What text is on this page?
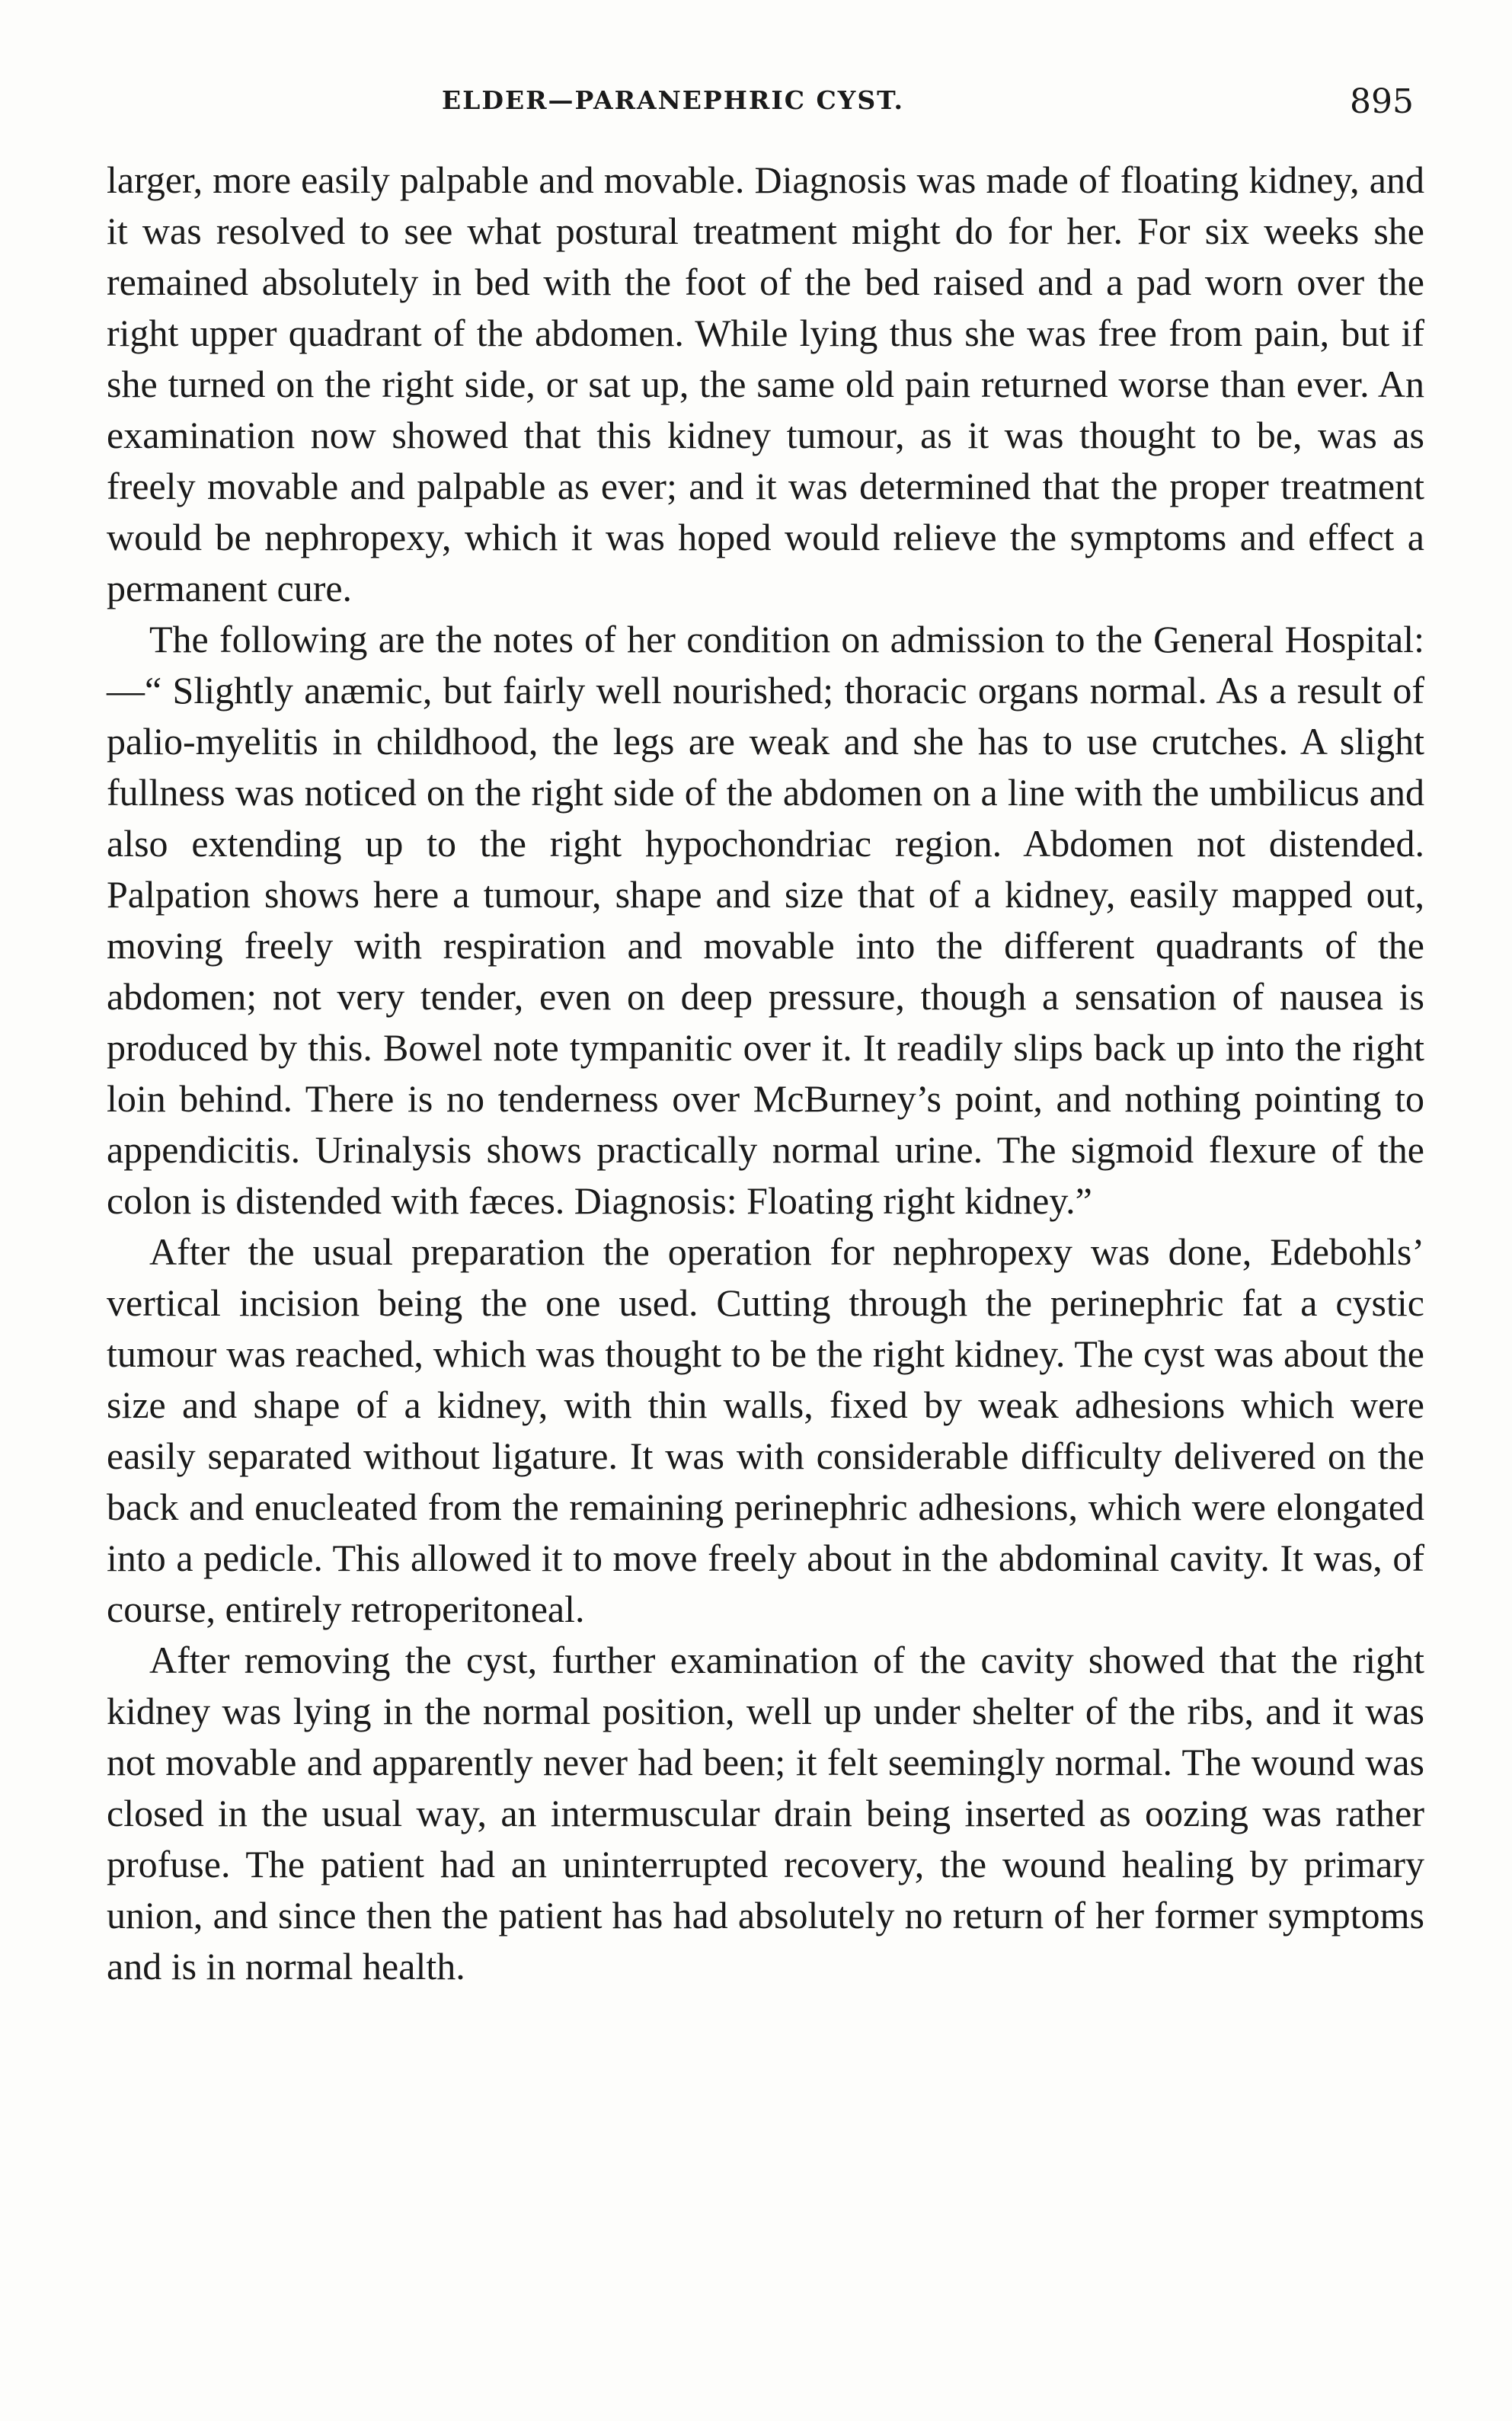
ELDER—PARANEPHRIC CYST.	895

larger, more easily palpable and movable. Diagnosis was made of floating kidney, and it was resolved to see what postural treatment might do for her. For six weeks she remained absolutely in bed with the foot of the bed raised and a pad worn over the right upper quadrant of the abdomen. While lying thus she was free from pain, but if she turned on the right side, or sat up, the same old pain returned worse than ever. An examination now showed that this kidney tumour, as it was thought to be, was as freely movable and palpable as ever; and it was determined that the proper treatment would be nephropexy, which it was hoped would relieve the symptoms and effect a permanent cure.

The following are the notes of her condition on admission to the General Hospital:—“ Slightly anæmic, but fairly well nourished; thoracic organs normal. As a result of palio-myelitis in childhood, the legs are weak and she has to use crutches. A slight fullness was noticed on the right side of the abdomen on a line with the umbilicus and also extending up to the right hypochondriac region. Abdomen not distended. Palpation shows here a tumour, shape and size that of a kidney, easily mapped out, moving freely with respiration and movable into the different quadrants of the abdomen; not very tender, even on deep pressure, though a sensation of nausea is produced by this. Bowel note tympanitic over it. It readily slips back up into the right loin behind. There is no tenderness over McBurney’s point, and nothing pointing to appendicitis. Urinalysis shows practically normal urine. The sigmoid flexure of the colon is distended with fæces. Diagnosis: Floating right kidney.”

After the usual preparation the operation for nephropexy was done, Edebohls’ vertical incision being the one used. Cutting through the perinephric fat a cystic tumour was reached, which was thought to be the right kidney. The cyst was about the size and shape of a kidney, with thin walls, fixed by weak adhesions which were easily separated without ligature. It was with considerable difficulty delivered on the back and enucleated from the remaining perinephric adhesions, which were elongated into a pedicle. This allowed it to move freely about in the abdominal cavity. It was, of course, entirely retroperitoneal.

After removing the cyst, further examination of the cavity showed that the right kidney was lying in the normal position, well up under shelter of the ribs, and it was not movable and apparently never had been; it felt seemingly normal. The wound was closed in the usual way, an intermuscular drain being inserted as oozing was rather profuse. The patient had an uninterrupted recovery, the wound healing by primary union, and since then the patient has had absolutely no return of her former symptoms and is in normal health.
